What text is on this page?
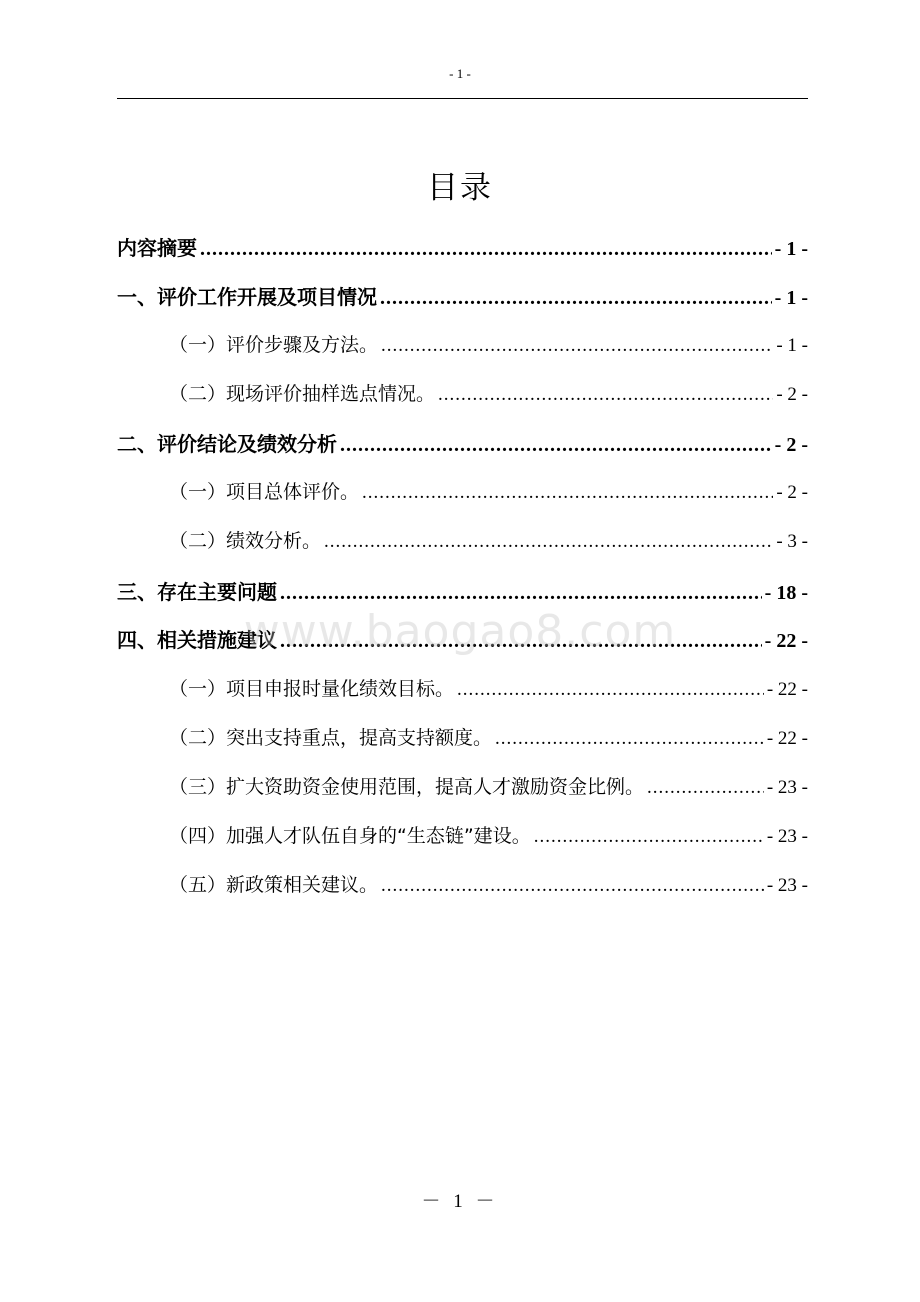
- 1 -
目录
内容摘要 .....	- 1 -
一、评价工作开展及项目情况 .....	- 1 -
（一）评价步骤及方法。 .....	- 1 -
（二）现场评价抽样选点情况。 .....	- 2 -
二、评价结论及绩效分析 .....	- 2 -
（一）项目总体评价。 .....	- 2 -
（二）绩效分析。 .....	- 3 -
三、存在主要问题 .....	- 18 -
四、相关措施建议 .....	- 22 -
（一）项目申报时量化绩效目标。 .....	- 22 -
（二）突出支持重点，提高支持额度。 .....	- 22 -
（三）扩大资助资金使用范围，提高人才激励资金比例。 .....	- 23 -
（四）加强人才队伍自身的“生态链”建设。 .....	- 23 -
（五）新政策相关建议。 .....	- 23 -
www.baogao8.com
－ 1 －
